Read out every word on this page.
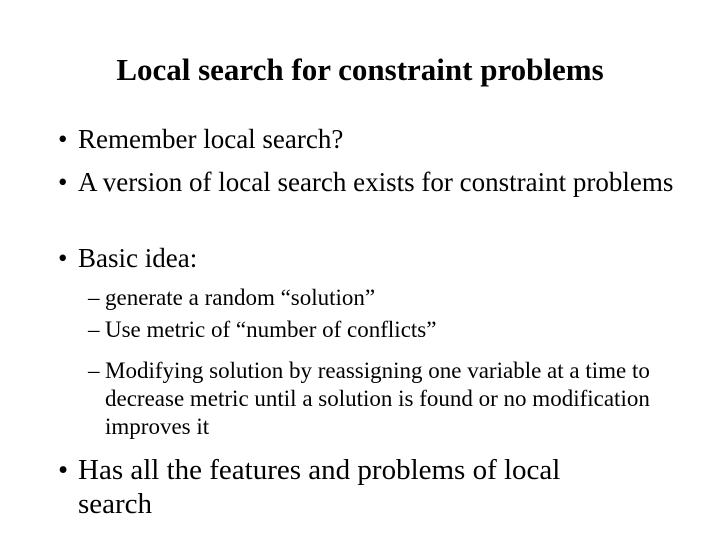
Local search for constraint problems
• Remember local search?
• A version of local search exists for constraint problems
• Basic idea:
– generate a random “solution”
– Use metric of “number of conflicts”
– Modifying solution by reassigning one variable at a time to decrease metric until a solution is found or no modification improves it
• Has all the features and problems of local search
